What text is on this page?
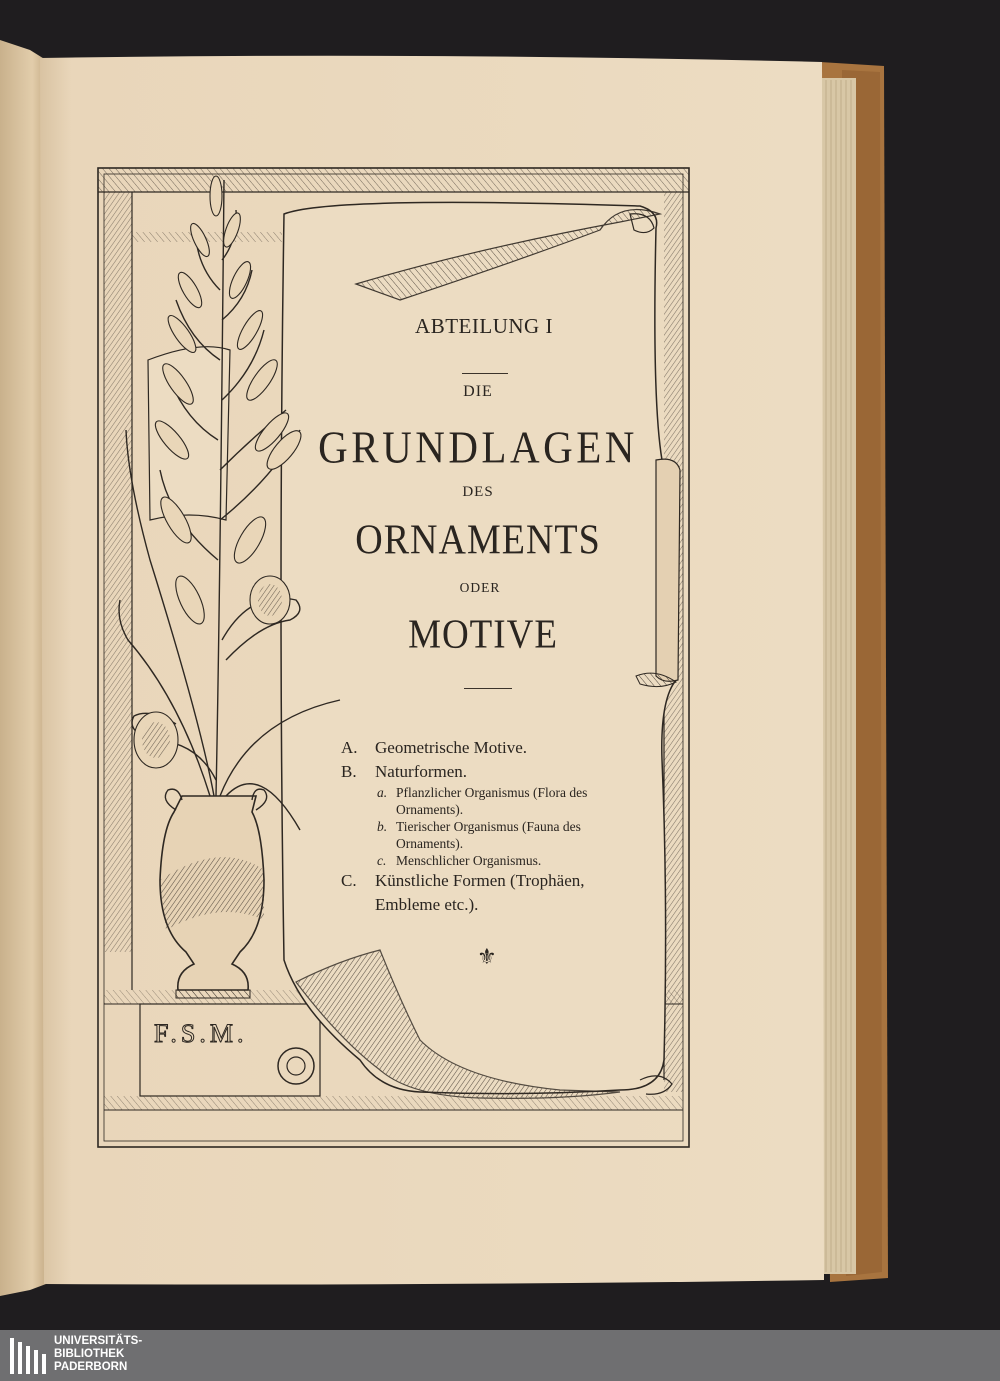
F.S.M.
ABTEILUNG I
DIE
GRUNDLAGEN
DES
ORNAMENTS
ODER
MOTIVE
A. Geometrische Motive.
B. Naturformen.
a. Pflanzlicher Organismus (Flora des
Ornaments).
b. Tierischer Organismus (Fauna des
Ornaments).
c. Menschlicher Organismus.
C. Künstliche Formen (Trophäen,
Embleme etc.).
⚜
UNIVERSITÄTS-
BIBLIOTHEK
PADERBORN
